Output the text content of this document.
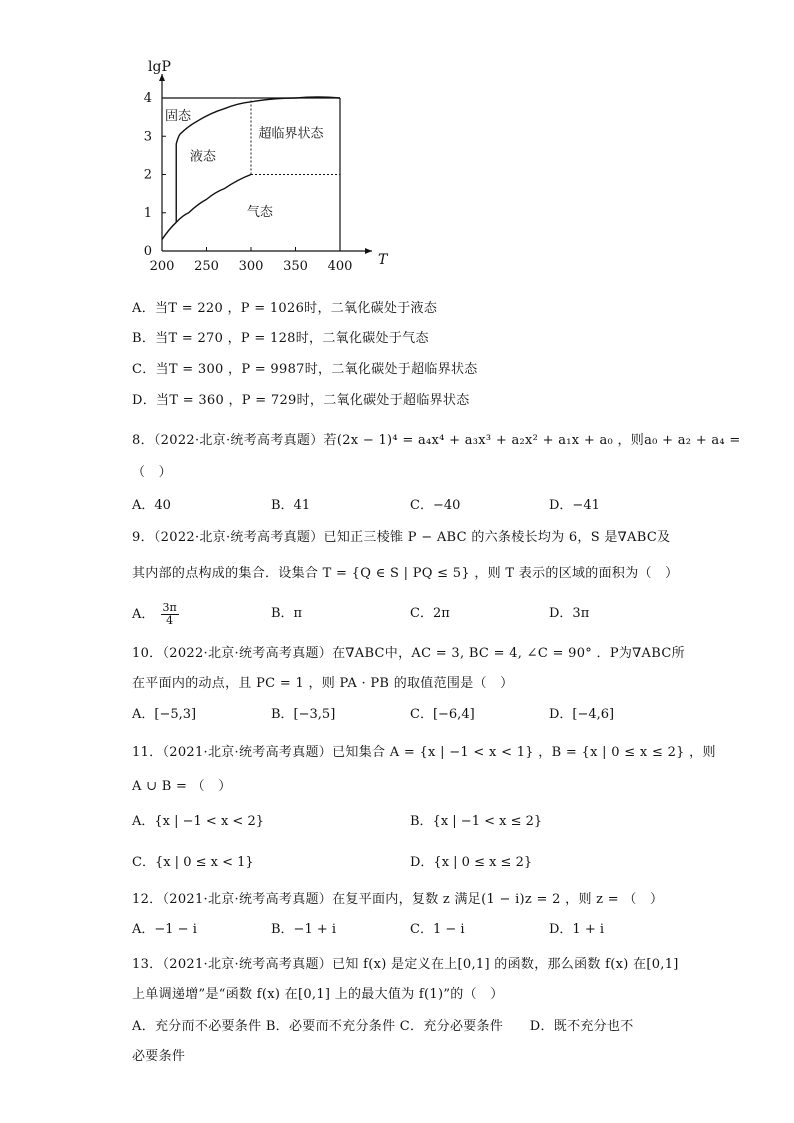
200 250 300 350 400
0
1
2
3
4
T
lgP
固态
液态
超临界状态
气态
A．当T = 220 ，P = 1026时，二氧化碳处于液态
B．当T = 270 ，P = 128时，二氧化碳处于气态
C．当T = 300 ，P = 9987时，二氧化碳处于超临界状态
D．当T = 360 ，P = 729时，二氧化碳处于超临界状态
8．（2022·北京·统考高考真题）若(2x − 1)⁴ = a₄x⁴ + a₃x³ + a₂x² + a₁x + a₀ ，则a₀ + a₂ + a₄ =
（　）
A．40	B．41	C．−40	D．−41
9．（2022·北京·统考高考真题）已知正三棱锥 P − ABC 的六条棱长均为 6，S 是∇ABC及
其内部的点构成的集合．设集合 T = {Q ∈ S | PQ ≤ 5} ，则 T 表示的区域的面积为（　）
A． $\frac{3\pi}{4}$	B．π	C．2π	D．3π
10．（2022·北京·统考高考真题）在∇ABC中，AC = 3, BC = 4, ∠C = 90° ．P为∇ABC所
在平面内的动点，且 PC = 1 ，则 PA · PB 的取值范围是（　）
A．[−5,3]	B．[−3,5]	C．[−6,4]	D．[−4,6]
11．（2021·北京·统考高考真题）已知集合 A = {x | −1 < x < 1} ，B = {x | 0 ≤ x ≤ 2} ，则
A ∪ B = （　）
A．{x | −1 < x < 2}	B．{x | −1 < x ≤ 2}
C．{x | 0 ≤ x < 1}	D．{x | 0 ≤ x ≤ 2}
12．（2021·北京·统考高考真题）在复平面内，复数 z 满足(1 − i)z = 2 ，则 z = （　）
A．−1 − i	B．−1 + i	C．1 − i	D．1 + i
13．（2021·北京·统考高考真题）已知 f(x) 是定义在上[0,1] 的函数，那么函数 f(x) 在[0,1]
上单调递增”是“函数 f(x) 在[0,1] 上的最大值为 f(1)”的（　）
A．充分而不必要条件 B．必要而不充分条件 C．充分必要条件　　D．既不充分也不
必要条件
